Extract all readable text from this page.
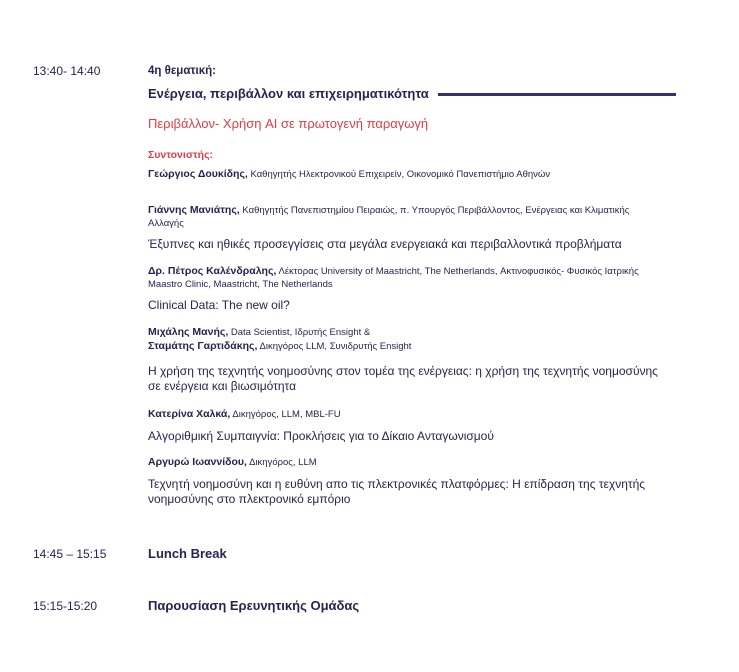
13:40- 14:40	4η θεματική:
Ενέργεια, περιβάλλον και επιχειρηματικότητα
Περιβάλλον- Χρήση AI σε πρωτογενή παραγωγή
Συντονιστής:
Γεώργιος Δουκίδης, Καθηγητής Ηλεκτρονικού Επιχειρείν, Οικονομικό Πανεπιστήμιο Αθηνών
Γιάννης Μανιάτης, Καθηγητής Πανεπιστημίου Πειραιώς, π. Υπουργός Περιβάλλοντος, Ενέργειας και Κλιματικής
Αλλαγής
Έξυπνες και ηθικές προσεγγίσεις στα μεγάλα ενεργειακά και περιβαλλοντικά προβλήματα
Δρ. Πέτρος Καλένδραλης, Λέκτορας University of Maastricht, The Netherlands, Ακτινοφυσικός- Φυσικός Ιατρικής
Maastro Clinic, Maastricht, The Netherlands
Clinical Data: The new oil?
Μιχάλης Μανής, Data Scientist, Ιδρυτής Ensight &
Σταμάτης Γαρτιδάκης, Δικηγόρος LLM, Συνιδρυτής Ensight
Η χρήση της τεχνητής νοημοσύνης στον τομέα της ενέργειας: η χρήση της τεχνητής νοημοσύνης
σε ενέργεια και βιωσιμότητα
Κατερίνα Χαλκά, Δικηγόρος, LLM, MBL-FU
Αλγοριθμική Συμπαιγνία: Προκλήσεις για το Δίκαιο Ανταγωνισμού
Αργυρώ Ιωαννίδου, Δικηγόρος, LLM
Τεχνητή νοημοσύνη και η ευθύνη απο τις πλεκτρονικές πλατφόρμες: Η επίδραση της τεχνητής
νοημοσύνης στο πλεκτρονικό εμπόριο
14:45 – 15:15	Lunch Break
15:15-15:20	Παρουσίαση Ερευνητικής Ομάδας
